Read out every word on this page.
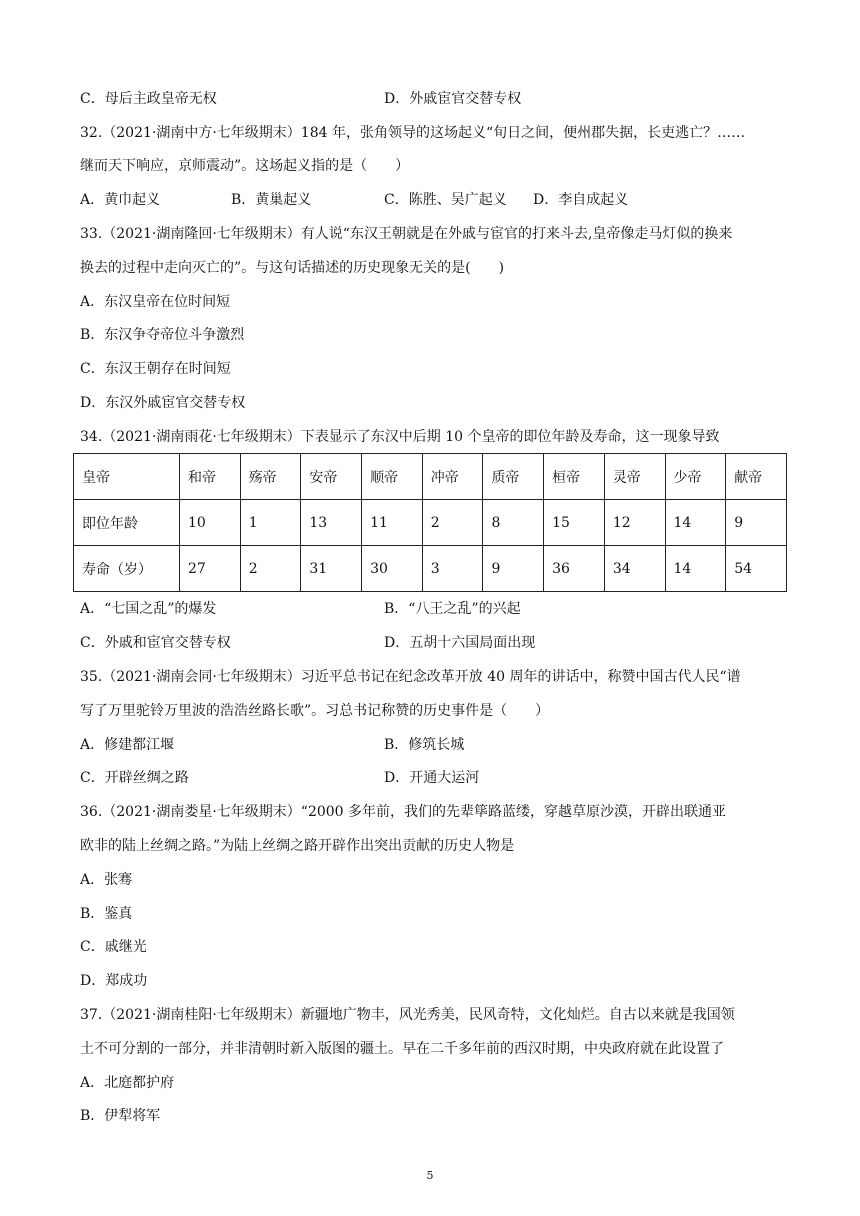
C．母后主政皇帝无权	D．外戚宦官交替专权
32.（2021·湖南中方·七年级期末）184 年，张角领导的这场起义“旬日之间，便州郡失据，长吏逃亡？……
继而天下响应，京师震动”。这场起义指的是（　　）
A．黄巾起义	B．黄巢起义	C．陈胜、吴广起义 D．李自成起义
33.（2021·湖南隆回·七年级期末）有人说“东汉王朝就是在外戚与宦官的打来斗去,皇帝像走马灯似的换来
换去的过程中走向灭亡的”。与这句话描述的历史现象无关的是(　　)
A．东汉皇帝在位时间短
B．东汉争夺帝位斗争激烈
C．东汉王朝存在时间短
D．东汉外戚宦官交替专权
34.（2021·湖南雨花·七年级期末）下表显示了东汉中后期 10 个皇帝的即位年龄及寿命，这一现象导致
皇帝	和帝	殇帝	安帝	顺帝	冲帝	质帝	桓帝	灵帝	少帝	献帝
即位年龄	10	1	13	11	2	8	15	12	14	9
寿命（岁）	27	2	31	30	3	9	36	34	14	54
A．“七国之乱”的爆发	B．“八王之乱”的兴起
C．外戚和宦官交替专权	D．五胡十六国局面出现
35.（2021·湖南会同·七年级期末）习近平总书记在纪念改革开放 40 周年的讲话中，称赞中国古代人民“谱
写了万里驼铃万里波的浩浩丝路长歌”。习总书记称赞的历史事件是（　　）
A．修建都江堰	B．修筑长城
C．开辟丝绸之路	D．开通大运河
36.（2021·湖南娄星·七年级期末）“2000 多年前，我们的先辈筚路蓝缕，穿越草原沙漠，开辟出联通亚
欧非的陆上丝绸之路。”为陆上丝绸之路开辟作出突出贡献的历史人物是
A．张骞
B．鉴真
C．戚继光
D．郑成功
37.（2021·湖南桂阳·七年级期末）新疆地广物丰，风光秀美，民风奇特，文化灿烂。自古以来就是我国领
土不可分割的一部分，并非清朝时新入版图的疆土。早在二千多年前的西汉时期，中央政府就在此设置了
A．北庭都护府
B．伊犁将军
5
